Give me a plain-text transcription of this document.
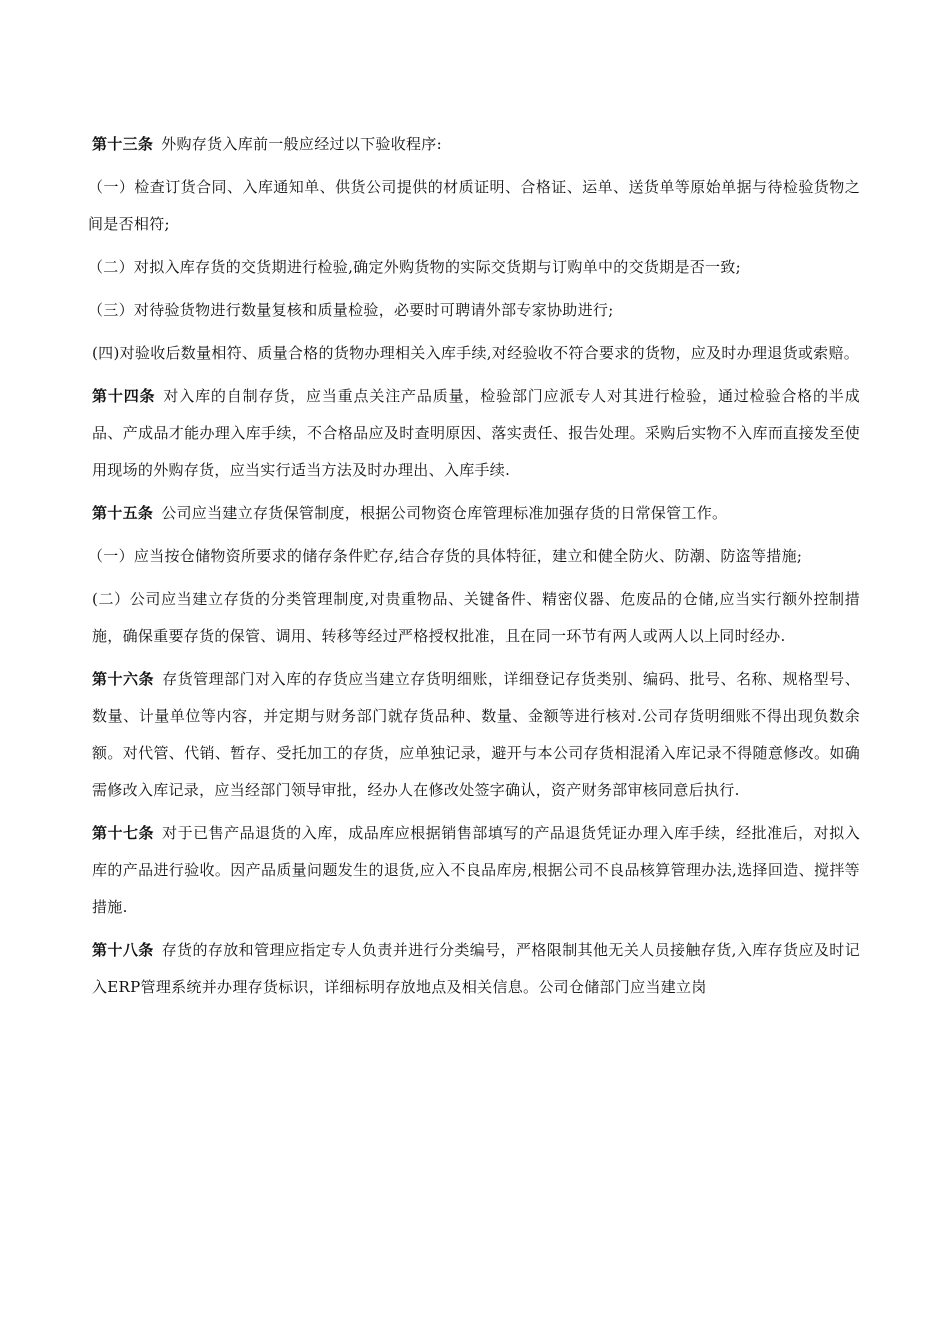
第十三条 外购存货入库前一般应经过以下验收程序:

（一）检查订货合同、入库通知单、供货公司提供的材质证明、合格证、运单、送货单等原始单据与待检验货物之间是否相符;

（二）对拟入库存货的交货期进行检验,确定外购货物的实际交货期与订购单中的交货期是否一致;

（三）对待验货物进行数量复核和质量检验，必要时可聘请外部专家协助进行;

(四)对验收后数量相符、质量合格的货物办理相关入库手续,对经验收不符合要求的货物，应及时办理退货或索赔。

第十四条 对入库的自制存货，应当重点关注产品质量，检验部门应派专人对其进行检验，通过检验合格的半成品、产成品才能办理入库手续，不合格品应及时查明原因、落实责任、报告处理。采购后实物不入库而直接发至使用现场的外购存货，应当实行适当方法及时办理出、入库手续.

第十五条 公司应当建立存货保管制度，根据公司物资仓库管理标准加强存货的日常保管工作。

（一）应当按仓储物资所要求的储存条件贮存,结合存货的具体特征，建立和健全防火、防潮、防盗等措施;

(二）公司应当建立存货的分类管理制度,对贵重物品、关键备件、精密仪器、危废品的仓储,应当实行额外控制措施，确保重要存货的保管、调用、转移等经过严格授权批准，且在同一环节有两人或两人以上同时经办.

第十六条 存货管理部门对入库的存货应当建立存货明细账，详细登记存货类别、编码、批号、名称、规格型号、数量、计量单位等内容，并定期与财务部门就存货品种、数量、金额等进行核对.公司存货明细账不得出现负数余额。对代管、代销、暂存、受托加工的存货，应单独记录，避开与本公司存货相混淆入库记录不得随意修改。如确需修改入库记录，应当经部门领导审批，经办人在修改处签字确认，资产财务部审核同意后执行.

第十七条 对于已售产品退货的入库，成品库应根据销售部填写的产品退货凭证办理入库手续，经批准后，对拟入库的产品进行验收。因产品质量问题发生的退货,应入不良品库房,根据公司不良品核算管理办法,选择回造、搅拌等措施.

第十八条 存货的存放和管理应指定专人负责并进行分类编号，严格限制其他无关人员接触存货,入库存货应及时记入ERP管理系统并办理存货标识，详细标明存放地点及相关信息。公司仓储部门应当建立岗
